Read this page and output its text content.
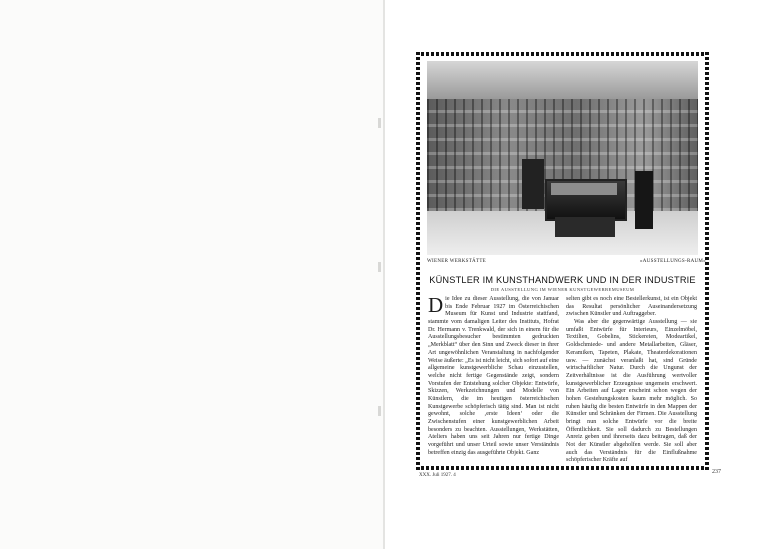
WIENER WERKSTÄTTE	»AUSSTELLUNGS-RAUM«
KÜNSTLER IM KUNSTHANDWERK UND IN DER INDUSTRIE
DIE AUSSTELLUNG IM WIENER KUNSTGEWERBEMUSEUM

Die Idee zu dieser Ausstellung, die von Januar bis Ende Februar 1927 im Österreichischen Museum für Kunst und Industrie stattfand, stammte vom damaligen Leiter des Instituts, Hofrat Dr. Hermann v. Trenkwald, der sich in einem für die Ausstellungsbesucher bestimmten gedruckten „Merkblatt“ über den Sinn und Zweck dieser in ihrer Art ungewöhnlichen Veranstaltung in nachfolgender Weise äußerte: „Es ist nicht leicht, sich sofort auf eine allgemeine kunstgewerbliche Schau einzustellen, welche nicht fertige Gegenstände zeigt, sondern Vorstufen der Entstehung solcher Objekte: Entwürfe, Skizzen, Werkzeichnungen und Modelle von Künstlern, die im heutigen österreichischen Kunstgewerbe schöpferisch tätig sind. Man ist nicht gewohnt, solche ‚erste Ideen‘ oder die Zwischenstufen einer kunstgewerblichen Arbeit besonders zu beachten. Ausstellungen, Werkstätten, Ateliers haben uns seit Jahren nur fertige Dinge vorgeführt und unser Urteil sowie unser Verständnis betreffen einzig das ausgeführte Objekt. Ganz

selten gibt es noch eine Bestellerkunst, ist ein Objekt das Resultat persönlicher Auseinandersetzung zwischen Künstler und Auftraggeber.

Was aber die gegenwärtige Ausstellung — sie umfaßt Entwürfe für Interieurs, Einzelmöbel, Textilien, Gobelins, Stickereien, Modeartikel, Goldschmiede- und andere Metallarbeiten, Gläser, Keramiken, Tapeten, Plakate, Theaterdekorationen usw. — zunächst veranlaßt hat, sind Gründe wirtschaftlicher Natur. Durch die Ungunst der Zeitverhältnisse ist die Ausführung wertvoller kunstgewerblicher Erzeugnisse ungemein erschwert. Ein Arbeiten auf Lager erscheint schon wegen der hohen Gestehungskosten kaum mehr möglich. So ruhen häufig die besten Entwürfe in den Mappen der Künstler und Schränken der Firmen. Die Ausstellung bringt nun solche Entwürfe vor die breite Öffentlichkeit. Sie soll dadurch zu Bestellungen Anreiz geben und ihrerseits dazu beitragen, daß der Not der Künstler abgeholfen werde. Sie soll aber auch das Verständnis für die Einflußnahme schöpferischer Kräfte auf

XXX. Juli 1927. 4
237
